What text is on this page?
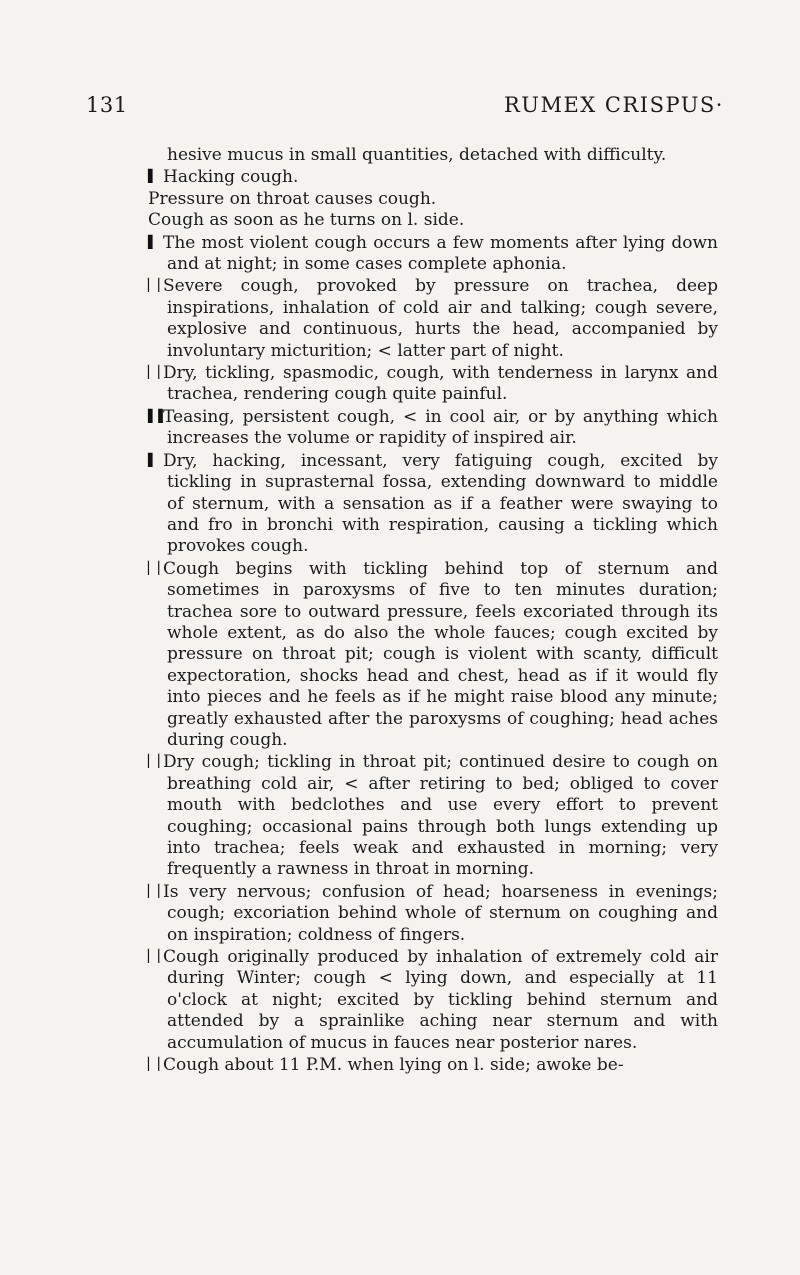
131	RUMEX CRISPUS·

hesive mucus in small quantities, detached with difficulty.

▌ Hacking cough.

Pressure on throat causes cough.

Cough as soon as he turns on l. side.

▌ The most violent cough occurs a few moments after lying down and at night; in some cases complete aphonia.

▏▏Severe cough, provoked by pressure on trachea, deep inspirations, inhalation of cold air and talking; cough severe, explosive and continuous, hurts the head, accompanied by involuntary micturition; < latter part of night.

▏▏Dry, tickling, spasmodic, cough, with tenderness in larynx and trachea, rendering cough quite painful.

▌▌Teasing, persistent cough, < in cool air, or by anything which increases the volume or rapidity of inspired air.

▌ Dry, hacking, incessant, very fatiguing cough, excited by tickling in suprasternal fossa, extending downward to middle of sternum, with a sensation as if a feather were swaying to and fro in bronchi with respiration, causing a tickling which provokes cough.

▏▏Cough begins with tickling behind top of sternum and sometimes in paroxysms of five to ten minutes duration; trachea sore to outward pressure, feels excoriated through its whole extent, as do also the whole fauces; cough excited by pressure on throat pit; cough is violent with scanty, difficult expectoration, shocks head and chest, head as if it would fly into pieces and he feels as if he might raise blood any minute; greatly exhausted after the paroxysms of coughing; head aches during cough.

▏▏Dry cough; tickling in throat pit; continued desire to cough on breathing cold air, < after retiring to bed; obliged to cover mouth with bedclothes and use every effort to prevent coughing; occasional pains through both lungs extending up into trachea; feels weak and exhausted in morning; very frequently a rawness in throat in morning.

▏▏Is very nervous; confusion of head; hoarseness in evenings; cough; excoriation behind whole of sternum on coughing and on inspiration; coldness of fingers.

▏▏Cough originally produced by inhalation of extremely cold air during Winter; cough < lying down, and especially at 11 o'clock at night; excited by tickling behind sternum and attended by a sprainlike aching near sternum and with accumulation of mucus in fauces near posterior nares.

▏▏Cough about 11 P.M. when lying on l. side; awoke be-
